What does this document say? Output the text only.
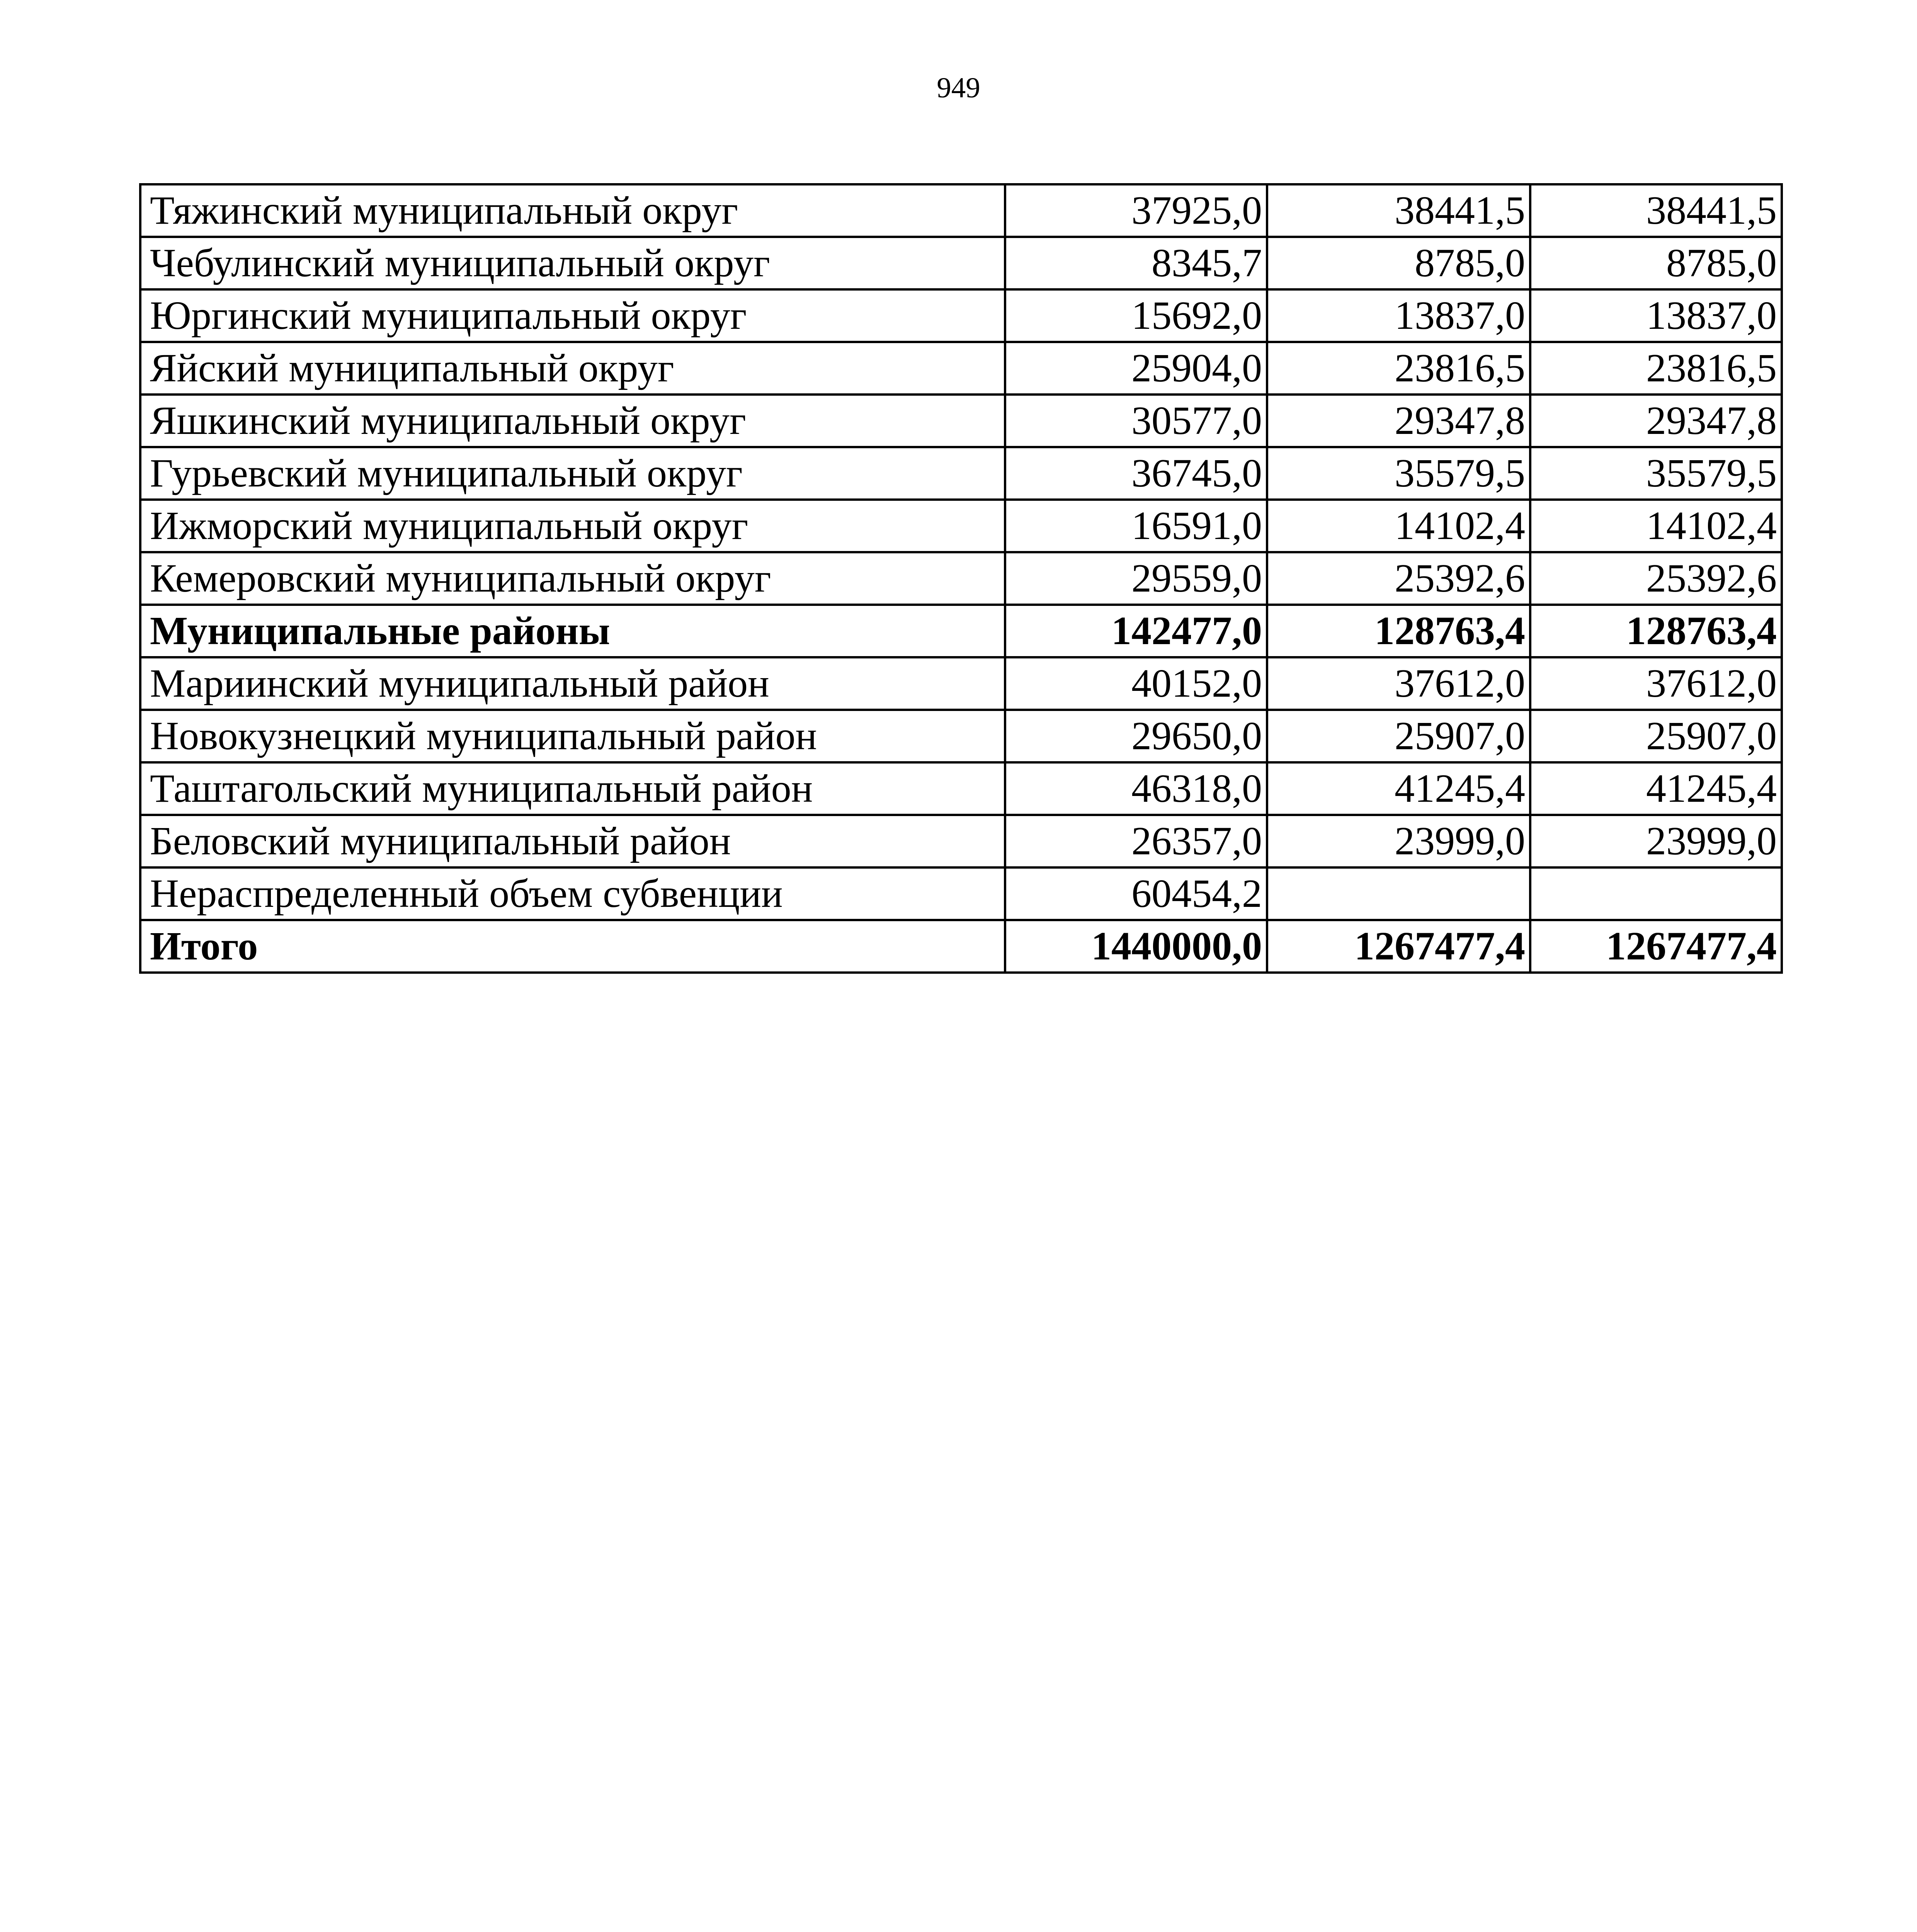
949
Тяжинский муниципальный округ	37925,0	38441,5	38441,5
Чебулинский муниципальный округ	8345,7	8785,0	8785,0
Юргинский муниципальный округ	15692,0	13837,0	13837,0
Яйский муниципальный округ	25904,0	23816,5	23816,5
Яшкинский муниципальный округ	30577,0	29347,8	29347,8
Гурьевский муниципальный округ	36745,0	35579,5	35579,5
Ижморский муниципальный округ	16591,0	14102,4	14102,4
Кемеровский муниципальный округ	29559,0	25392,6	25392,6
Муниципальные районы	142477,0	128763,4	128763,4
Мариинский муниципальный район	40152,0	37612,0	37612,0
Новокузнецкий муниципальный район	29650,0	25907,0	25907,0
Таштагольский муниципальный район	46318,0	41245,4	41245,4
Беловский муниципальный район	26357,0	23999,0	23999,0
Нераспределенный объем субвенции	60454,2		
Итого	1440000,0	1267477,4	1267477,4
